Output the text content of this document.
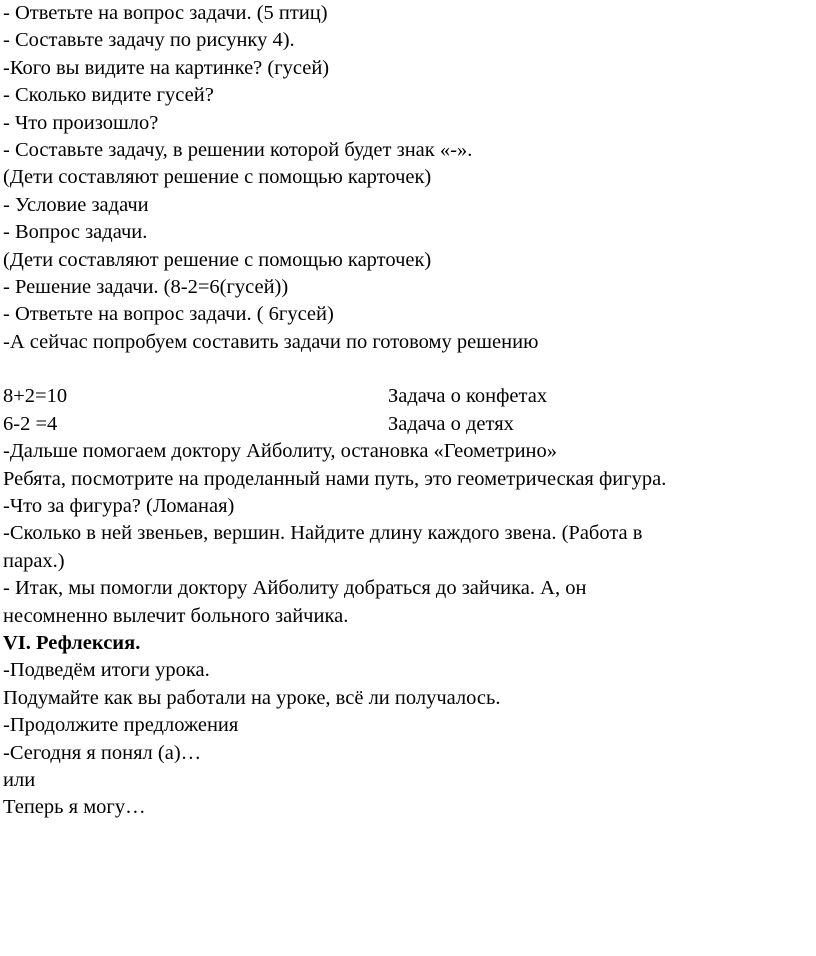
- Ответьте на вопрос задачи. (5 птиц)
- Составьте задачу по рисунку 4).
-Кого вы видите на картинке? (гусей)
- Сколько видите гусей?
- Что произошло?
- Составьте задачу, в решении которой будет знак «-».
(Дети составляют решение с помощью карточек)
- Условие задачи
- Вопрос задачи.
(Дети составляют решение с помощью карточек)
- Решение задачи. (8-2=6(гусей))
- Ответьте на вопрос задачи. ( 6гусей)
-А сейчас попробуем составить задачи по готовому решению
8+2=10	Задача о конфетах
6-2 =4	Задача о детях
-Дальше помогаем доктору Айболиту, остановка «Геометрино»
Ребята, посмотрите на проделанный нами путь, это геометрическая фигура.
-Что за фигура? (Ломаная)
-Сколько в ней звеньев, вершин. Найдите длину каждого звена. (Работа в
парах.)
- Итак, мы помогли доктору Айболиту добраться до зайчика. А, он
несомненно вылечит больного зайчика.
VI. Рефлексия.
-Подведём итоги урока.
Подумайте как вы работали на уроке, всё ли получалось.
-Продолжите предложения
-Сегодня я понял (а)…
или
Теперь я могу…
